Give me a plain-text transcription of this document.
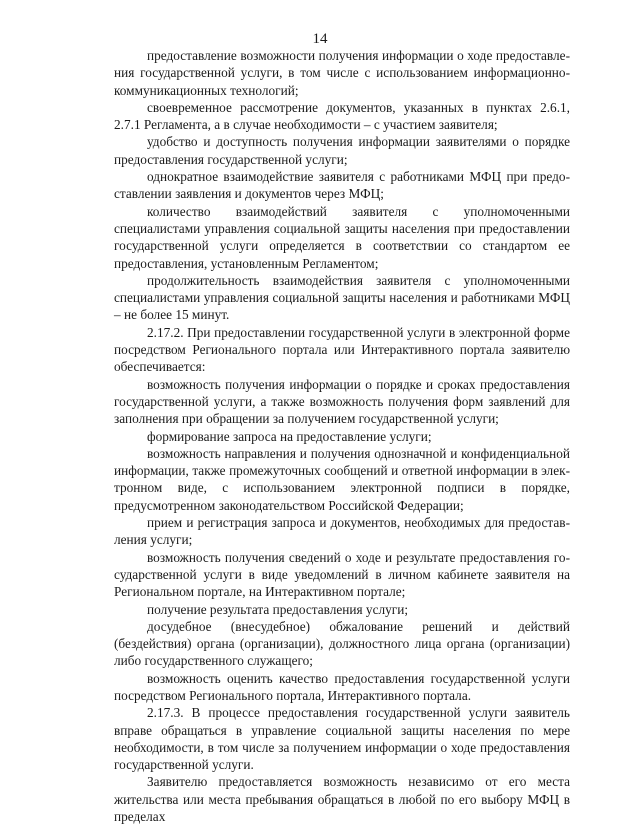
14

предоставление возможности получения информации о ходе предоставления государственной услуги, в том числе с использованием информационно-коммуникационных технологий;

своевременное рассмотрение документов, указанных в пунктах 2.6.1, 2.7.1 Регламента, а в случае необходимости – с участием заявителя;

удобство и доступность получения информации заявителями о порядке предоставления государственной услуги;

однократное взаимодействие заявителя с работниками МФЦ при предоставлении заявления и документов через МФЦ;

количество взаимодействий заявителя с уполномоченными специалистами управления социальной защиты населения при предоставлении государственной услуги определяется в соответствии со стандартом ее предоставления, установленным Регламентом;

продолжительность взаимодействия заявителя с уполномоченными специалистами управления социальной защиты населения и работниками МФЦ – не более 15 минут.

2.17.2. При предоставлении государственной услуги в электронной форме посредством Регионального портала или Интерактивного портала заявителю обеспечивается:

возможность получения информации о порядке и сроках предоставления государственной услуги, а также возможность получения форм заявлений для заполнения при обращении за получением государственной услуги;

формирование запроса на предоставление услуги;

возможность направления и получения однозначной и конфиденциальной информации, также промежуточных сообщений и ответной информации в электронном виде, с использованием электронной подписи в порядке, предусмотренном законодательством Российской Федерации;

прием и регистрация запроса и документов, необходимых для предоставления услуги;

возможность получения сведений о ходе и результате предоставления государственной услуги в виде уведомлений в личном кабинете заявителя на Региональном портале, на Интерактивном портале;

получение результата предоставления услуги;

досудебное (внесудебное) обжалование решений и действий (бездействия) органа (организации), должностного лица органа (организации) либо государственного служащего;

возможность оценить качество предоставления государственной услуги посредством Регионального портала, Интерактивного портала.

2.17.3. В процессе предоставления государственной услуги заявитель вправе обращаться в управление социальной защиты населения по мере необходимости, в том числе за получением информации о ходе предоставления государственной услуги.

Заявителю предоставляется возможность независимо от его места жительства или места пребывания обращаться в любой по его выбору МФЦ в пределах
